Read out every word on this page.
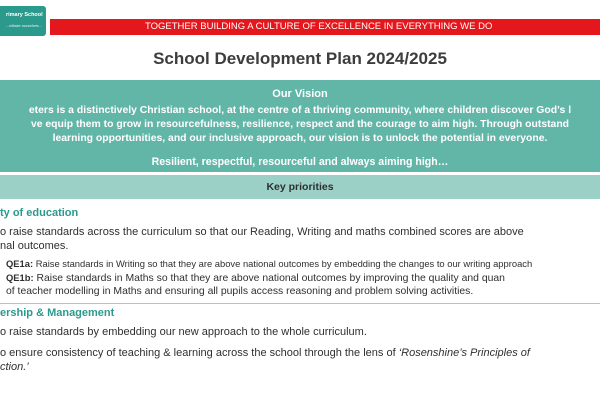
rimary School
...tribute ourselves...	TOGETHER BUILDING A CULTURE OF EXCELLENCE IN EVERYTHING WE DO
School Development Plan 2024/2025
Our Vision
eters is a distinctively Christian school, at the centre of a thriving community, where children discover God’s l
ve equip them to grow in resourcefulness, resilience, respect and the courage to aim high. Through outstand
learning opportunities, and our inclusive approach, our vision is to unlock the potential in everyone.
Resilient, respectful, resourceful and always aiming high…
Key priorities
ty of education
o raise standards across the curriculum so that our Reading, Writing and maths combined scores are above
nal outcomes.
QE1a: Raise standards in Writing so that they are above national outcomes by embedding the changes to our writing approach
QE1b: Raise standards in Maths so that they are above national outcomes by improving the quality and quan
of teacher modelling in Maths and ensuring all pupils access reasoning and problem solving activities.
ership & Management
o raise standards by embedding our new approach to the whole curriculum.
o ensure consistency of teaching & learning across the school through the lens of ‘Rosenshine’s Principles of
ction.’
